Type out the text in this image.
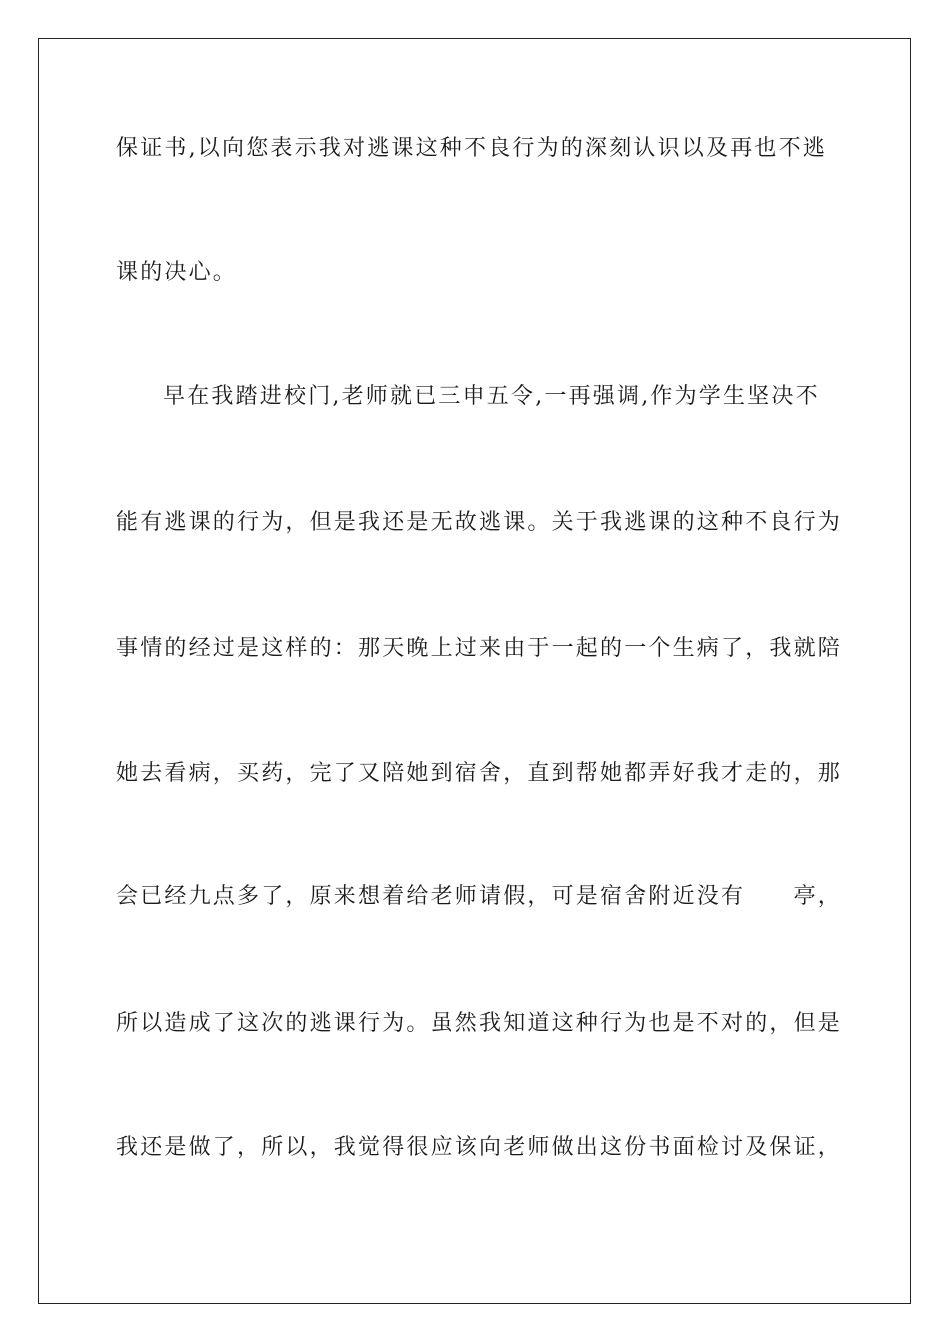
保证书,以向您表示我对逃课这种不良行为的深刻认识以及再也不逃
课的决心。
早在我踏进校门,老师就已三申五令,一再强调,作为学生坚决不
能有逃课的行为，但是我还是无故逃课。关于我逃课的这种不良行为
事情的经过是这样的：那天晚上过来由于一起的一个生病了，我就陪
她去看病，买药，完了又陪她到宿舍，直到帮她都弄好我才走的，那
会已经九点多了，原来想着给老师请假，可是宿舍附近没有　　亭，
所以造成了这次的逃课行为。虽然我知道这种行为也是不对的，但是
我还是做了，所以，我觉得很应该向老师做出这份书面检讨及保证，
